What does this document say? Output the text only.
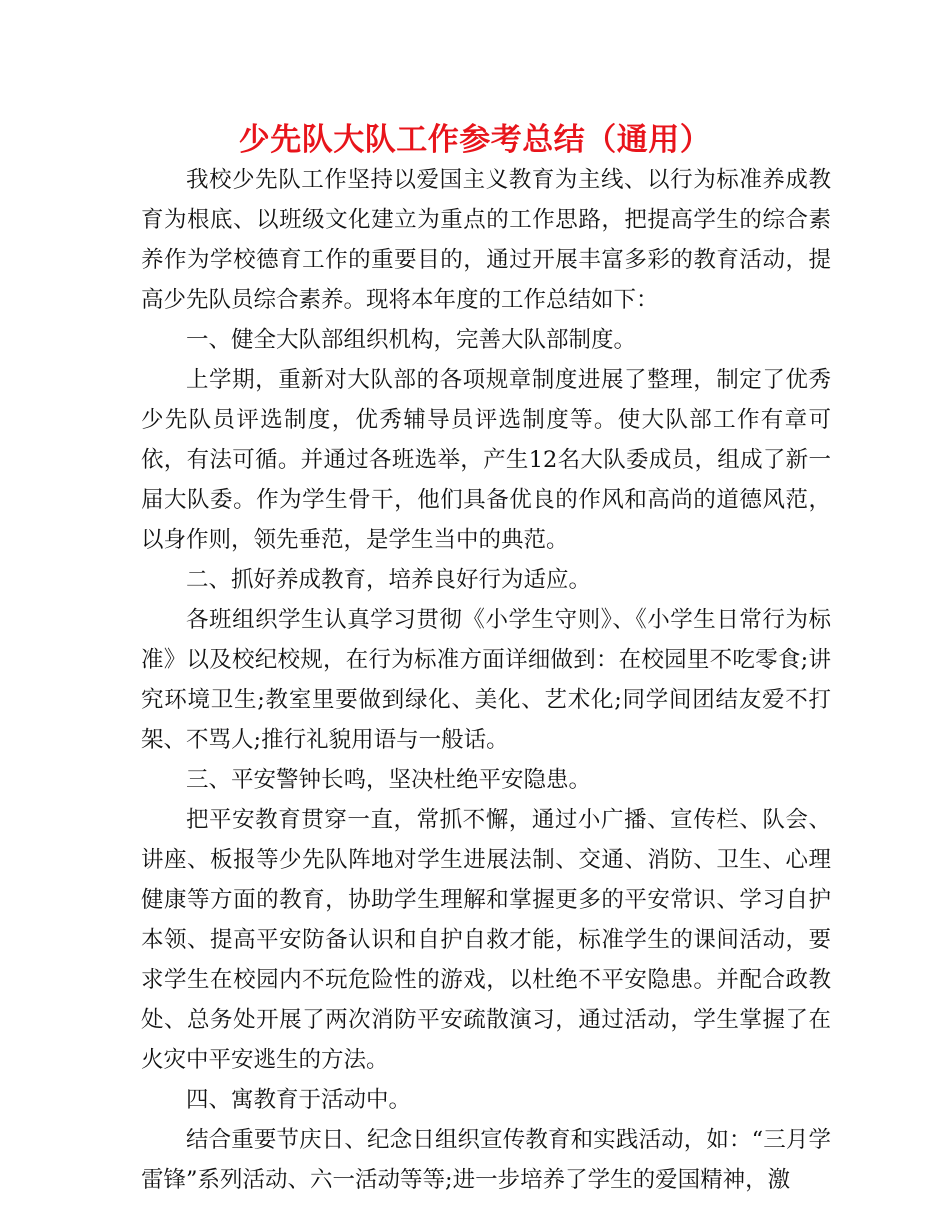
少先队大队工作参考总结（通用）

我校少先队工作坚持以爱国主义教育为主线、以行为标准养成教育为根底、以班级文化建立为重点的工作思路，把提高学生的综合素养作为学校德育工作的重要目的，通过开展丰富多彩的教育活动，提高少先队员综合素养。现将本年度的工作总结如下：

一、健全大队部组织机构，完善大队部制度。

上学期，重新对大队部的各项规章制度进展了整理，制定了优秀少先队员评选制度，优秀辅导员评选制度等。使大队部工作有章可依，有法可循。并通过各班选举，产生12名大队委成员，组成了新一届大队委。作为学生骨干，他们具备优良的作风和高尚的道德风范，以身作则，领先垂范，是学生当中的典范。

二、抓好养成教育，培养良好行为适应。

各班组织学生认真学习贯彻《小学生守则》、《小学生日常行为标准》以及校纪校规，在行为标准方面详细做到：在校园里不吃零食;讲究环境卫生;教室里要做到绿化、美化、艺术化;同学间团结友爱不打架、不骂人;推行礼貌用语与一般话。

三、平安警钟长鸣，坚决杜绝平安隐患。

把平安教育贯穿一直，常抓不懈，通过小广播、宣传栏、队会、讲座、板报等少先队阵地对学生进展法制、交通、消防、卫生、心理健康等方面的教育，协助学生理解和掌握更多的平安常识、学习自护本领、提高平安防备认识和自护自救才能，标准学生的课间活动，要求学生在校园内不玩危险性的游戏，以杜绝不平安隐患。并配合政教处、总务处开展了两次消防平安疏散演习，通过活动，学生掌握了在火灾中平安逃生的方法。

四、寓教育于活动中。

结合重要节庆日、纪念日组织宣传教育和实践活动，如：“三月学雷锋”系列活动、六一活动等等;进一步培养了学生的爱国精神，激
